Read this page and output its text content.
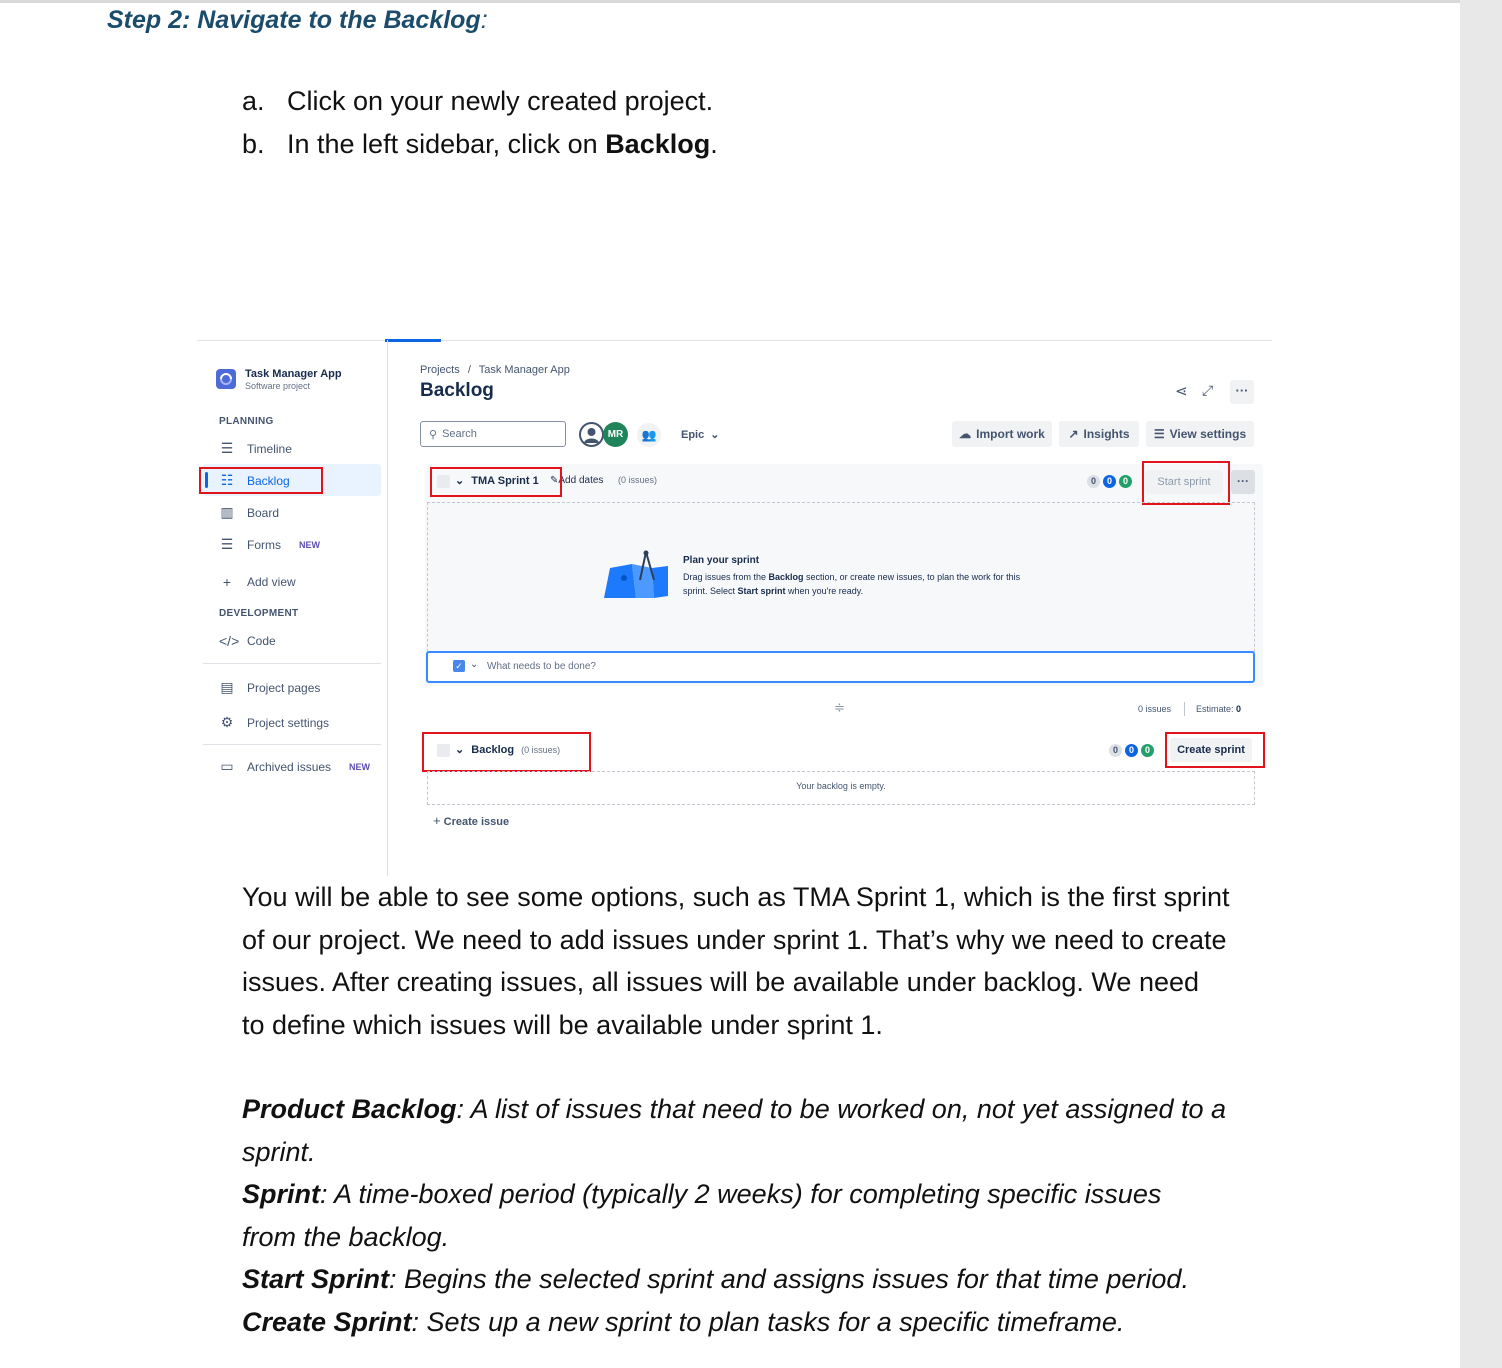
Step 2: Navigate to the Backlog:
a. Click on your newly created project.
b. In the left sidebar, click on Backlog.
Task Manager App
Software project
PLANNING
☰ Timeline
☷ Backlog
▥ Board
☰ Forms NEW
+	Add view
DEVELOPMENT
</> Code
▤ Project pages
⚙ Project settings
▭ Archived issues NEW
Projects / Task Manager App
Backlog	⋖ ⤢	···
⚲ Search	MR	👥	Epic ⌄	☁ Import work ↗ Insights ☰ View settings
⌄ TMA Sprint 1 ✎Add dates (0 issues)	0	0	0	Start sprint	···
Plan your sprint
Drag issues from the Backlog section, or create new issues, to plan the work for this
sprint. Select Start sprint when you're ready.
✓ ⌄ What needs to be done?
≑	0 issues	Estimate: 0
⌄ Backlog (0 issues)	0	0	0	Create sprint
Your backlog is empty.
+ Create issue
You will be able to see some options, such as TMA Sprint 1, which is the first sprint
of our project. We need to add issues under sprint 1. That’s why we need to create
issues. After creating issues, all issues will be available under backlog. We need
to define which issues will be available under sprint 1.

Product Backlog: A list of issues that need to be worked on, not yet assigned to a

sprint.

Sprint: A time-boxed period (typically 2 weeks) for completing specific issues

from the backlog.

Start Sprint: Begins the selected sprint and assigns issues for that time period.

Create Sprint: Sets up a new sprint to plan tasks for a specific timeframe.
